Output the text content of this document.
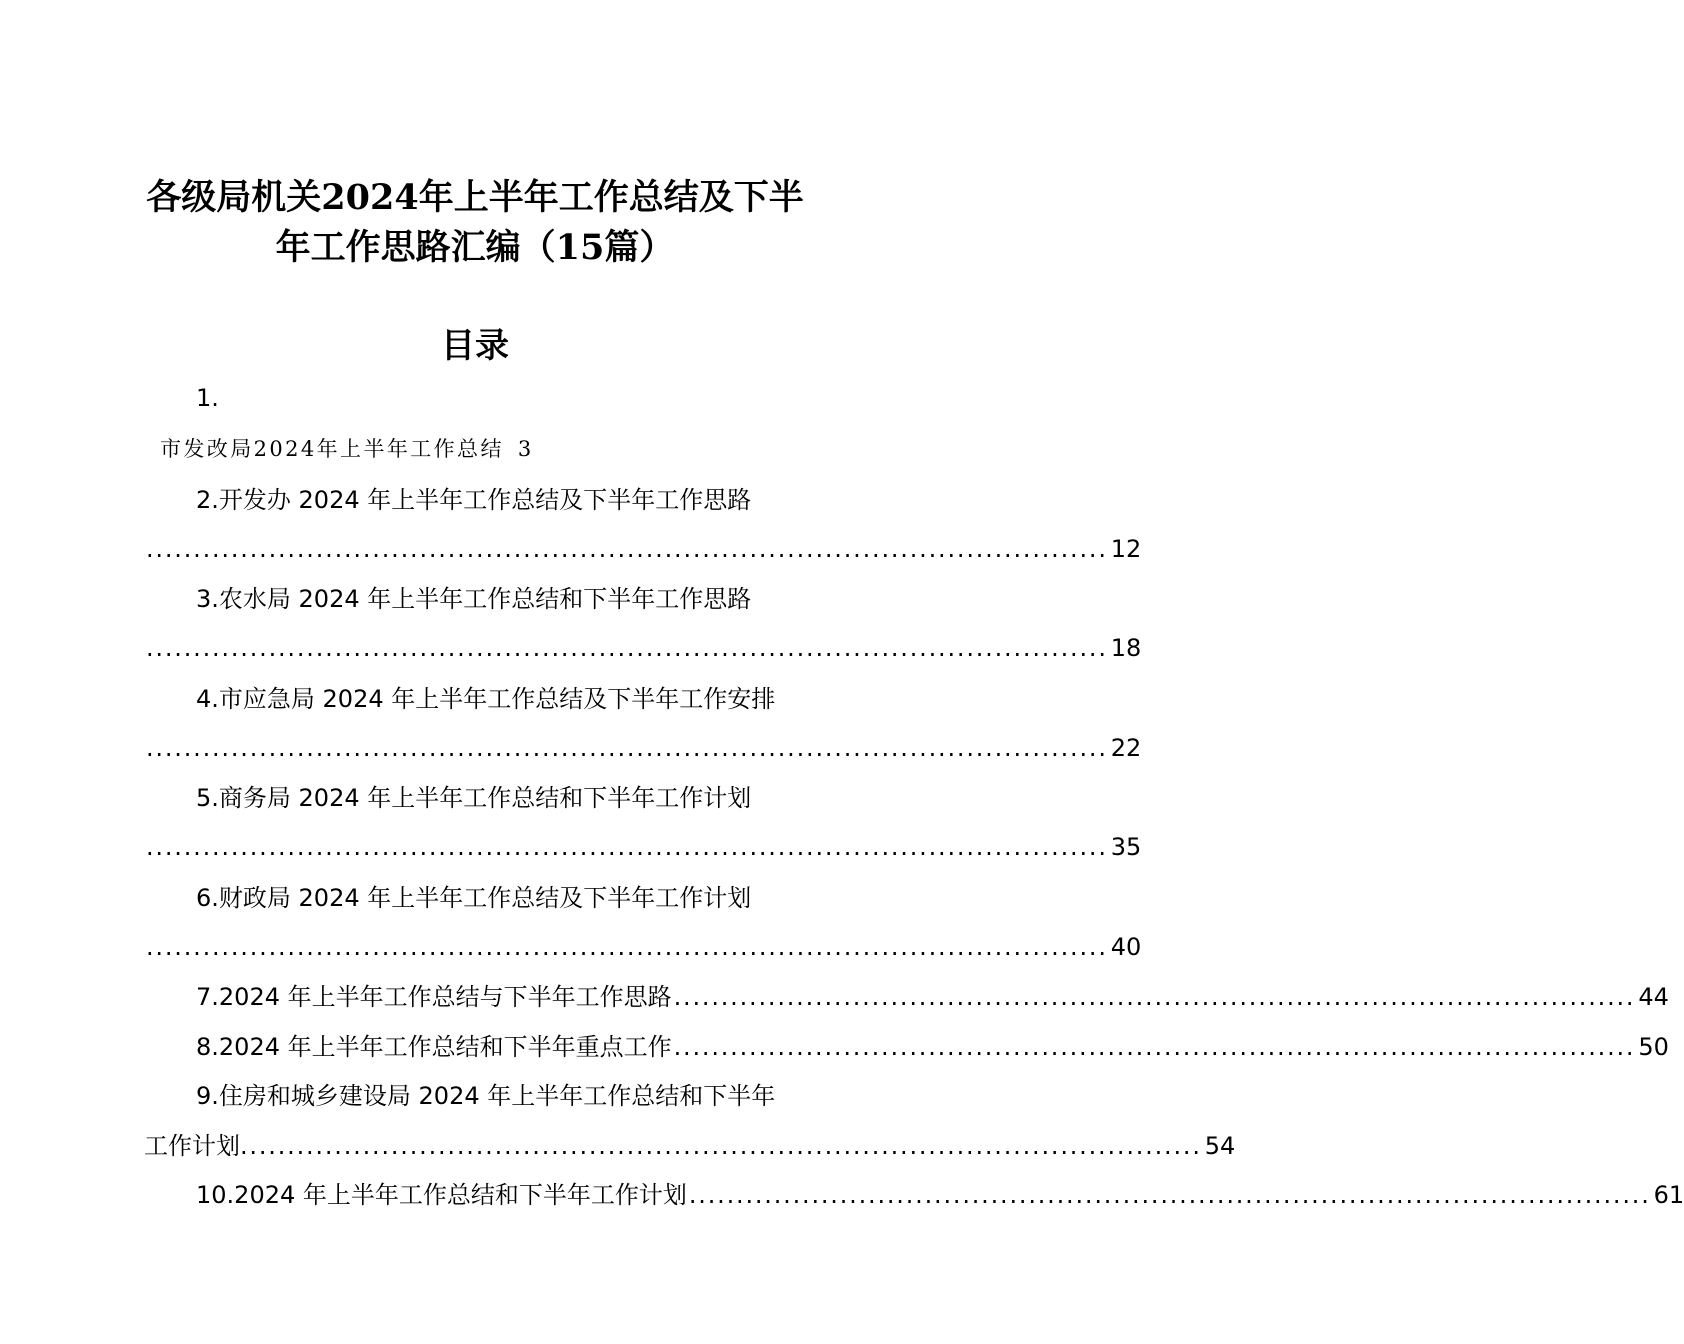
各级局机关2024年上半年工作总结及下半
年工作思路汇编（15篇）
目录
1.
市发改局2024年上半年工作总结 3
2.开发办 2024 年上半年工作总结及下半年工作思路
...................................................................................................... 12
3.农水局 2024 年上半年工作总结和下半年工作思路
...................................................................................................... 18
4.市应急局 2024 年上半年工作总结及下半年工作安排
...................................................................................................... 22
5.商务局 2024 年上半年工作总结和下半年工作计划
...................................................................................................... 35
6.财政局 2024 年上半年工作总结及下半年工作计划
...................................................................................................... 40
7.2024 年上半年工作总结与下半年工作思路 ...................................................................................................... 44
8.2024 年上半年工作总结和下半年重点工作 ...................................................................................................... 50
9.住房和城乡建设局 2024 年上半年工作总结和下半年
工作计划 ...................................................................................................... 54
10.2024 年上半年工作总结和下半年工作计划 ...................................................................................................... 61
